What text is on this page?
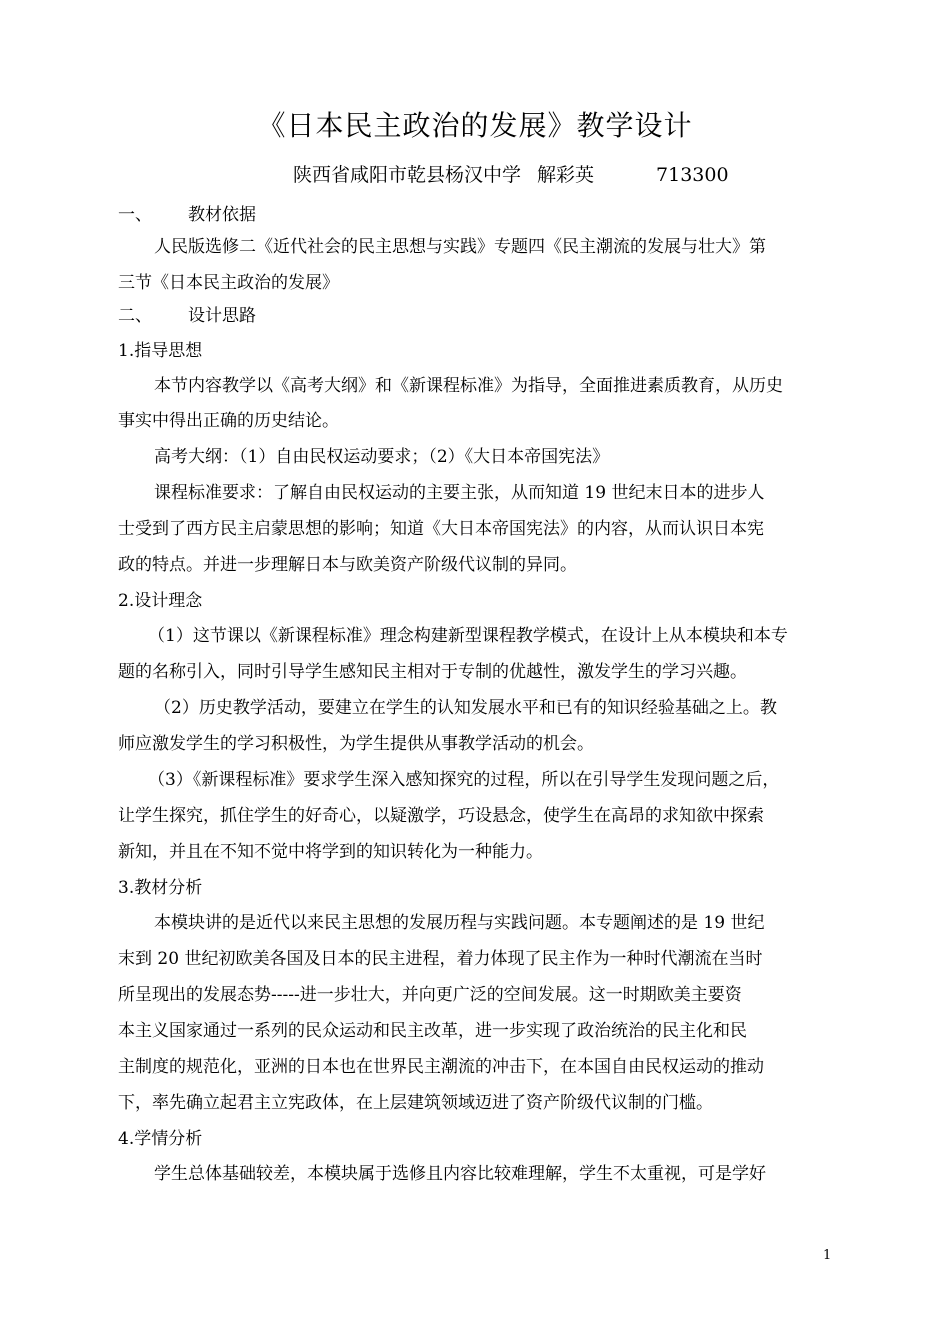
《日本民主政治的发展》教学设计
陕西省咸阳市乾县杨汉中学 解彩英	713300
一、 教材依据
人民版选修二《近代社会的民主思想与实践》专题四《民主潮流的发展与壮大》第
三节《日本民主政治的发展》
二、 设计思路
1.指导思想
本节内容教学以《高考大纲》和《新课程标准》为指导，全面推进素质教育，从历史
事实中得出正确的历史结论。
高考大纲：（1）自由民权运动要求；（2）《大日本帝国宪法》
课程标准要求：了解自由民权运动的主要主张，从而知道 19 世纪末日本的进步人
士受到了西方民主启蒙思想的影响；知道《大日本帝国宪法》的内容，从而认识日本宪
政的特点。并进一步理解日本与欧美资产阶级代议制的异同。
2.设计理念
（1）这节课以《新课程标准》理念构建新型课程教学模式，在设计上从本模块和本专
题的名称引入，同时引导学生感知民主相对于专制的优越性，激发学生的学习兴趣。
（2）历史教学活动，要建立在学生的认知发展水平和已有的知识经验基础之上。教
师应激发学生的学习积极性，为学生提供从事教学活动的机会。
（3）《新课程标准》要求学生深入感知探究的过程，所以在引导学生发现问题之后，
让学生探究，抓住学生的好奇心，以疑激学，巧设悬念，使学生在高昂的求知欲中探索
新知，并且在不知不觉中将学到的知识转化为一种能力。
3.教材分析
本模块讲的是近代以来民主思想的发展历程与实践问题。本专题阐述的是 19 世纪
末到 20 世纪初欧美各国及日本的民主进程，着力体现了民主作为一种时代潮流在当时
所呈现出的发展态势-----进一步壮大，并向更广泛的空间发展。这一时期欧美主要资
本主义国家通过一系列的民众运动和民主改革，进一步实现了政治统治的民主化和民
主制度的规范化，亚洲的日本也在世界民主潮流的冲击下，在本国自由民权运动的推动
下，率先确立起君主立宪政体，在上层建筑领域迈进了资产阶级代议制的门槛。
4.学情分析
学生总体基础较差，本模块属于选修且内容比较难理解，学生不太重视，可是学好
1
